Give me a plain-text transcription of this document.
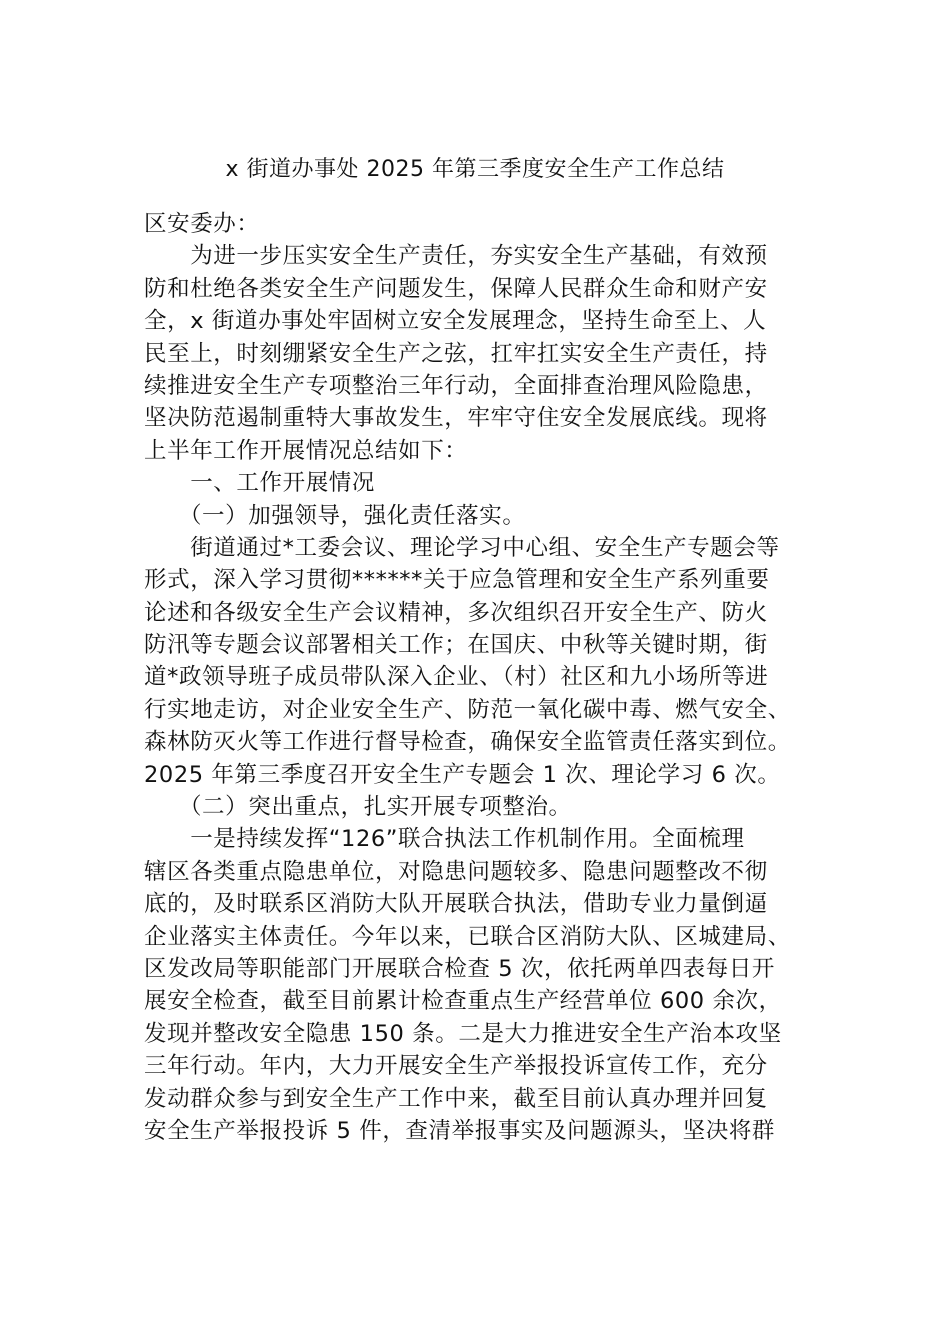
x 街道办事处 2025 年第三季度安全生产工作总结
区安委办：
　　为进一步压实安全生产责任，夯实安全生产基础，有效预
防和杜绝各类安全生产问题发生，保障人民群众生命和财产安
全，x 街道办事处牢固树立安全发展理念，坚持生命至上、人
民至上，时刻绷紧安全生产之弦，扛牢扛实安全生产责任，持
续推进安全生产专项整治三年行动，全面排查治理风险隐患，
坚决防范遏制重特大事故发生，牢牢守住安全发展底线。现将
上半年工作开展情况总结如下：
　　一、工作开展情况
　　（一）加强领导，强化责任落实。
　　街道通过*工委会议、理论学习中心组、安全生产专题会等
形式，深入学习贯彻******关于应急管理和安全生产系列重要
论述和各级安全生产会议精神，多次组织召开安全生产、防火
防汛等专题会议部署相关工作；在国庆、中秋等关键时期，街
道*政领导班子成员带队深入企业、（村）社区和九小场所等进
行实地走访，对企业安全生产、防范一氧化碳中毒、燃气安全、
森林防灭火等工作进行督导检查，确保安全监管责任落实到位。
2025 年第三季度召开安全生产专题会 1 次、理论学习 6 次。
　　（二）突出重点，扎实开展专项整治。
　　一是持续发挥“126”联合执法工作机制作用。全面梳理
辖区各类重点隐患单位，对隐患问题较多、隐患问题整改不彻
底的，及时联系区消防大队开展联合执法，借助专业力量倒逼
企业落实主体责任。今年以来，已联合区消防大队、区城建局、
区发改局等职能部门开展联合检查 5 次，依托两单四表每日开
展安全检查，截至目前累计检查重点生产经营单位 600 余次，
发现并整改安全隐患 150 条。二是大力推进安全生产治本攻坚
三年行动。年内，大力开展安全生产举报投诉宣传工作，充分
发动群众参与到安全生产工作中来，截至目前认真办理并回复
安全生产举报投诉 5 件，查清举报事实及问题源头，坚决将群
